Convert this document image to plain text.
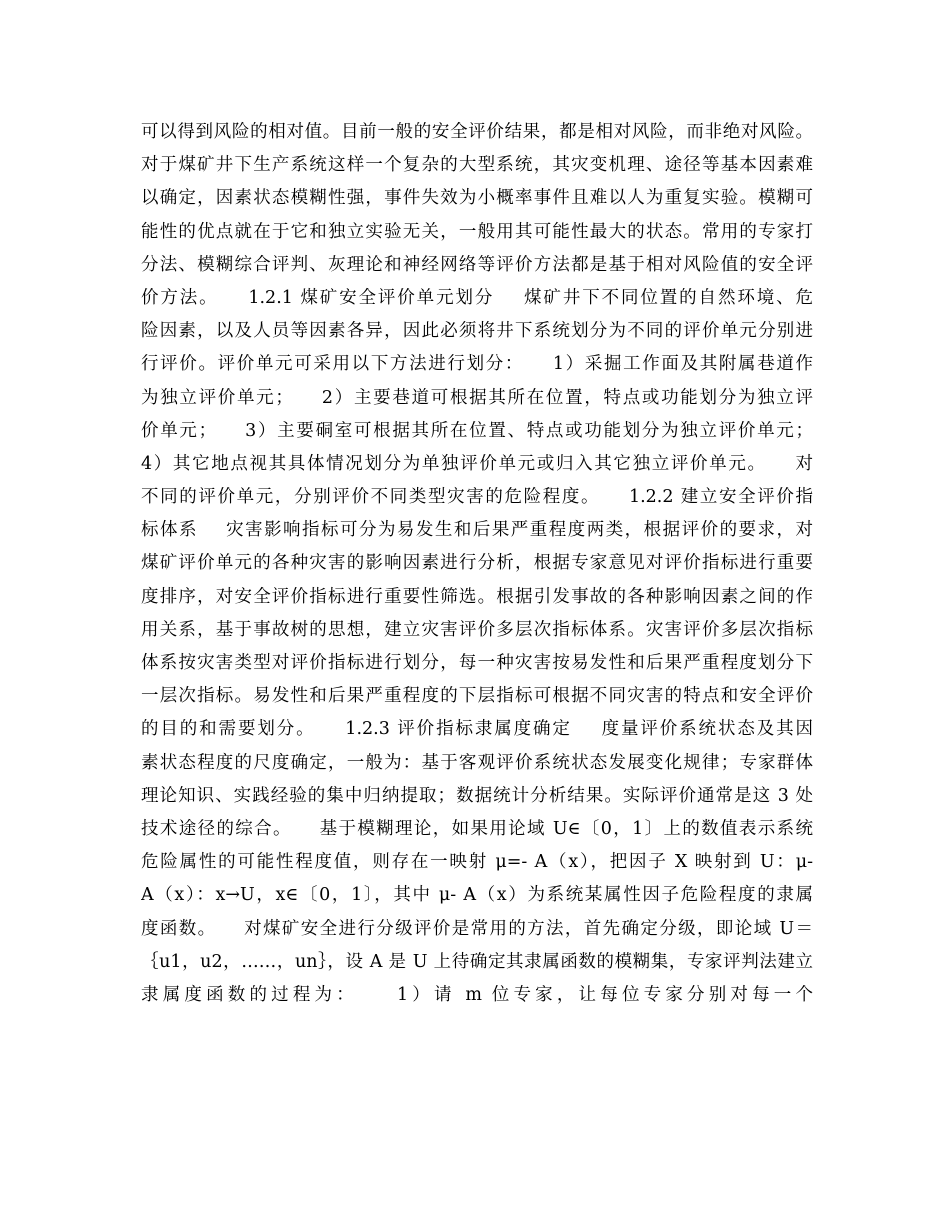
可以得到风险的相对值。目前一般的安全评价结果，都是相对风险，而非绝对风险。
对于煤矿井下生产系统这样一个复杂的大型系统，其灾变机理、途径等基本因素难
以确定，因素状态模糊性强，事件失效为小概率事件且难以人为重复实验。模糊可
能性的优点就在于它和独立实验无关，一般用其可能性最大的状态。常用的专家打
分法、模糊综合评判、灰理论和神经网络等评价方法都是基于相对风险值的安全评
价方法。    1.2.1 煤矿安全评价单元划分    煤矿井下不同位置的自然环境、危
险因素，以及人员等因素各异，因此必须将井下系统划分为不同的评价单元分别进
行评价。评价单元可采用以下方法进行划分：    1）采掘工作面及其附属巷道作
为独立评价单元；    2）主要巷道可根据其所在位置，特点或功能划分为独立评
价单元；    3）主要硐室可根据其所在位置、特点或功能划分为独立评价单元；
4）其它地点视其具体情况划分为单独评价单元或归入其它独立评价单元。    对
不同的评价单元，分别评价不同类型灾害的危险程度。    1.2.2 建立安全评价指
标体系    灾害影响指标可分为易发生和后果严重程度两类，根据评价的要求，对
煤矿评价单元的各种灾害的影响因素进行分析，根据专家意见对评价指标进行重要
度排序，对安全评价指标进行重要性筛选。根据引发事故的各种影响因素之间的作
用关系，基于事故树的思想，建立灾害评价多层次指标体系。灾害评价多层次指标
体系按灾害类型对评价指标进行划分，每一种灾害按易发性和后果严重程度划分下
一层次指标。易发性和后果严重程度的下层指标可根据不同灾害的特点和安全评价
的目的和需要划分。    1.2.3 评价指标隶属度确定    度量评价系统状态及其因
素状态程度的尺度确定，一般为：基于客观评价系统状态发展变化规律；专家群体
理论知识、实践经验的集中归纳提取；数据统计分析结果。实际评价通常是这 3 处
技术途径的综合。    基于模糊理论，如果用论域 U∈〔0，1〕上的数值表示系统
危险属性的可能性程度值，则存在一映射 μ=- A（x），把因子 X 映射到 U：μ-
A（x）：x→U，x∈〔0，1〕，其中 μ- A（x）为系统某属性因子危险程度的隶属
度函数。    对煤矿安全进行分级评价是常用的方法，首先确定分级，即论域 U＝
｛u1，u2，……，un｝，设 A 是 U 上待确定其隶属函数的模糊集，专家评判法建立
隶属度函数的过程为：    1）请 m 位专家，让每位专家分别对每一个
